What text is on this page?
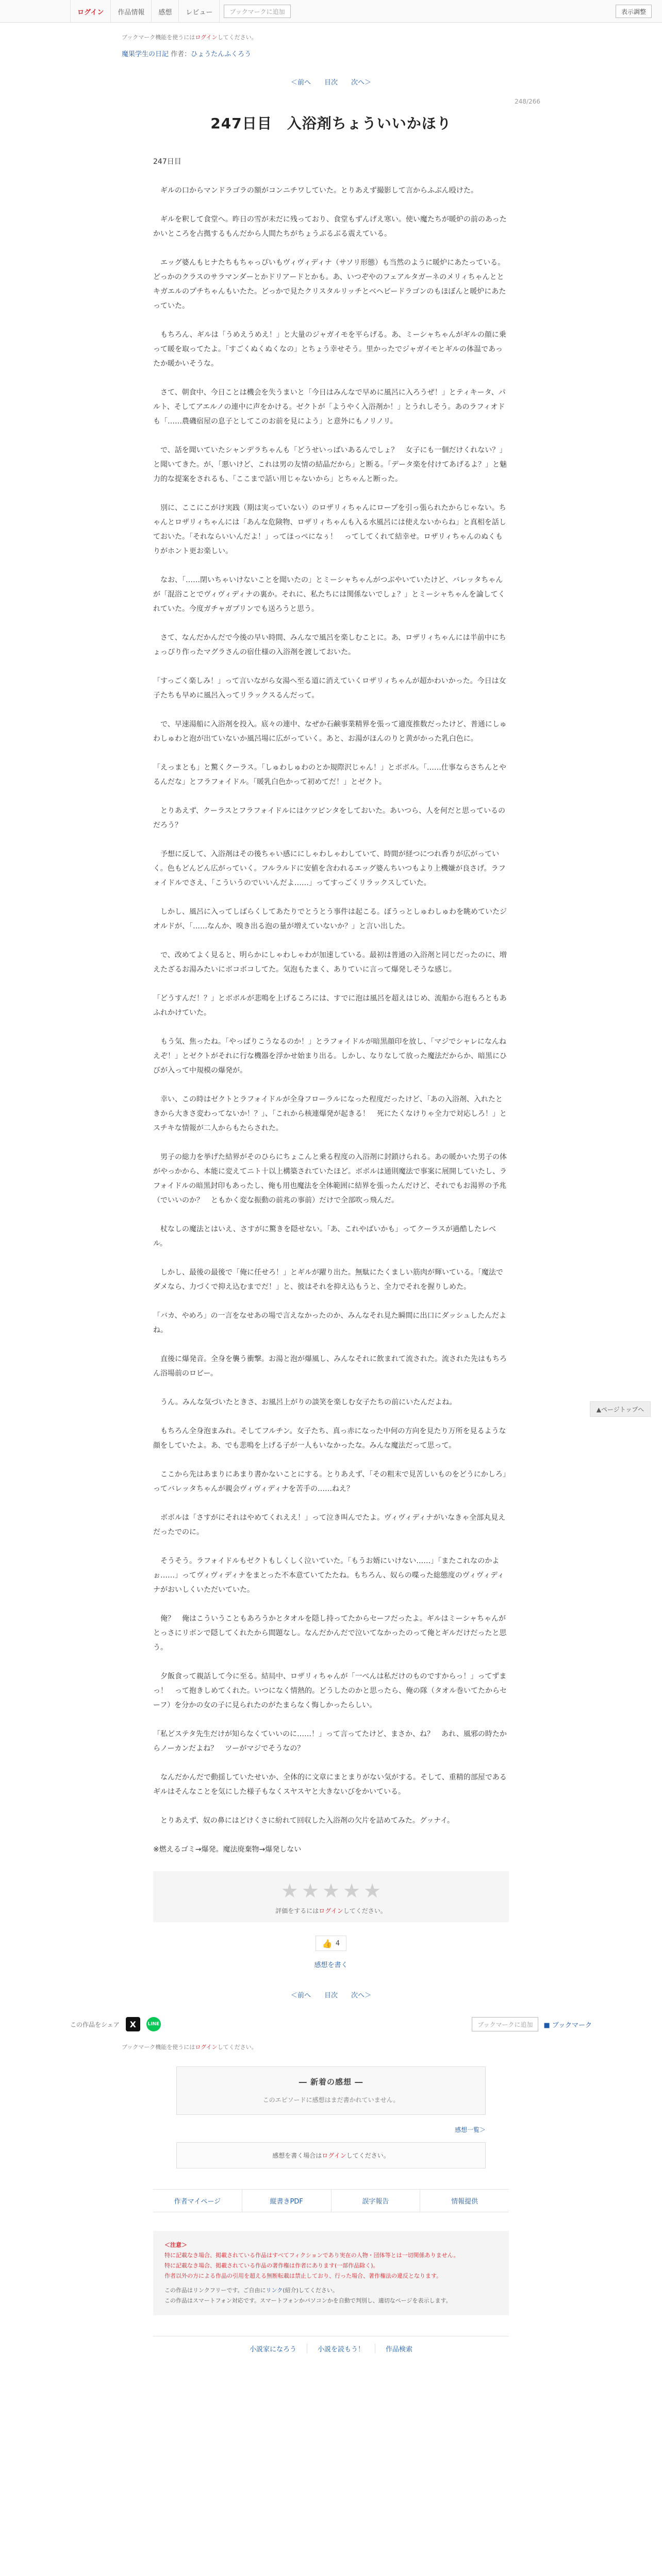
ログイン	作品情報	感想	レビュー	ブックマークに追加	表示調整

ブックマーク機能を使うにはログインしてください。

魔果学生の日記 作者：ひょうたんふくろう

＜前へ 目次 次へ＞

248/266

247日目　入浴剤ちょういいかほり

247日目

　ギルの口からマンドラゴラの額がコンニチワしていた。とりあえず撮影して言からふぶん殴けた。

　ギルを釈して食堂へ。昨日の雪が未だに残っており、食堂もずんげえ寒い。使い魔たちが暖炉の前のあったかいところを占拠するもんだから人間たちがちょうぶるぶる震えている。

　エッグ婆んもヒナたちもちゃっぴいもヴィヴィディナ（サソリ形態）も当然のように暖炉にあたっている。どっかのクラスのサラマンダーとかドリアードとかも。あ、いつぞやのフェアルタガーネのメリィちゃんととキガエルのプチちゃんもいたた。どっかで見たクリスタルリッチとベヘビードラゴンのもほぼんと暖炉にあたっていた。

　もちろん、ギルは「うめえうめえ！」と大量のジャガイモを平らげる。あ、ミーシャちゃんがギルの顔に乗って暖を取ってたよ。「すごくぬくぬくなの」とちょう幸せそう。里かったでジャガイモとギルの体温であったか暖かいそうな。

　さて、朝食中、今日ことは機会を失うまいと「今日はみんなで早めに風呂に入ろうぜ！」とティキータ、パルト、そしてアエルノの連中に声をかける。ゼクトが「ようやく入浴剤か！」とうれしそう。あのラフィオドも「……農磯宿屋の息子としてこのお前を見によう」と意外にもノリノリ。

　で、話を聞いていたシャンデラちゃんも「どうせいっぱいあるんでしょ？　女子にも一個だけくれない？」と聞いてきた。が、「悪いけど、これは男の友情の結晶だから」と断る。「データ楽を付けてあげるよ？」と魅力的な提案をされるも、「ここまで話い用じゃないから」とちゃんと断った。

　別に、ここにこがけ実践（期は実っていない）のロザリィちゃんにロープを引っ張られたからじゃない。ちゃんとロザリィちゃんには「あんな危険物、ロザリィちゃんも入る水風呂には使えないからね」と真相を話しておいた。「それならいいんだよ！」ってほっぺになぅ！　ってしてくれて結幸せ。ロザリィちゃんのぬくもりがホント更お楽しい。

　なお、「……閉いちゃいけないことを聞いたの」とミーシャちゃんがつぶやいていたけど、バレッタちゃんが「混浴ことでヴィヴィディナの裏か。それに、私たちには関係ないでしょ？」とミーシャちゃんを論してくれていた。今度ガチャガプリンでも送ろうと思う。

　さて、なんだかんだで今後の早い時間、みんなで風呂を楽しむことに。あ、ロザリィちゃんには半前中にちょっぴり作ったマグラさんの宿仕様の入浴剤を渡しておいた。

「すっごく楽しみ！」って言いながら女湯へ至る道に消えていくロザリィちゃんが超かわいかった。今日は女子たちも早めに風呂入ってリラックスるんだって。

　で、早速湯船に入浴剤を投入。底々の連中、なぜか石鹸事業精界を張って適度推数だったけど、普通にしゅわしゅわと泡が出ていないか風呂場に広がっていく。あと、お湯がほんのりと黄がかった乳白色に。

「えっまとも」と驚くクーラス。「しゅわしゅわのとか規際沢じゃん！」とボボル。「……仕事ならさちんとやるんだな」とフラフォイドル。「暖乳白色かって初めてだ！」とゼクト。

　とりあえず、クーラスとフラフォイドルにはケツピンタをしておいた。あいつら、人を何だと思っているのだろう？

　予想に反して、入浴剤はその後ちゃい感ににしゃわしゃわしていて、時間が経つにつれ香りが広がっていく。色もどんどん広がっていく。フルラルドに安値を含われるエッグ婆んちいつもより上機嫌が良さげ。ラフォイドルでさえ、「こういうのでいいんだよ……」ってすっごくリラックスしていた。

　しかし、風呂に入ってしばらくしてあたりでとうとう事件は起こる。ぼうっとしゅわしゅわを眺めていたジオルドが、「……なんか、嗅き出る泡の量が増えていないか？」と言い出した。

　で、改めてよく見ると、明らかにしゃわしゃわが加速している。最初は普通の入浴剤と同じだったのに、増えたざるお湯みたいにボコボコしてた。気泡もたまく、ありていに言って爆発しそうな感じ。

「どうすんだ！？」とボボルが悲鳴を上げるころには、すでに泡は風呂を超えはじめ、流船から泡もろともあふれかけていた。

　もう気、焦ったね。「やっぱりこうなるのか！」とラフォイドルが暗黒顔印を放し、「マジでシャレになんねえぞ！」とゼクトがそれに行な機器を浮かせ始まり出る。しかし、なりなして放った魔法だからか、暗黒にひびが入って中規模の爆発が。

　幸い、この時はゼクトとラフォイドルが全身フローラルになった程度だったけど、「あの入浴剤、入れたときから大きさ変わってないか！？」、「これから核連爆発が起きる！　死にたくなけりゃ全力で対応しろ！」とスチキな情報が二人からもたらされた。

　男子の総力を挙げた結界がそのひらにちょこんと乗る程度の入浴剤に封鎖けられる。あの暖かいた男子の体がやっかから、本能に変えてニト十以上構築されていたほど。ボボルは通則魔法で事案に展開していたし、ラフォイドルの暗黒封印もあったし、俺も用也魔法を全体範囲に結界を張ったんだけど、それでもお湯界の予兆（でいいのか？　ともかく変な振動の前兆の事前）だけで全部吹っ飛んだ。

　杖なしの魔法とはいえ、さすがに驚きを隠せない。「あ、これやばいかも」ってクーラスが過酷したレベル。

　しかし、最後の最後で「俺に任せろ！」とギルが躍り出た。無駄にたくましい筋肉が輝いている。「魔法でダメなら、力づくで抑え込むまでだ！」と、彼はそれを抑え込もうと、全力でそれを握りしめた。

「バカ、やめろ」の一言をなせあの場で言えなかったのか、みんなそれ見た瞬間に出口にダッシュしたんだよね。

　直後に爆発音。全身を襲う衝撃。お湯と泡が爆風し、みんなそれに飲まれて流された。流された先はもちろん浴場前のロビー。

　うん。みんな気づいたときさ、お風呂上がりの談笑を楽しむ女子たちの前にいたんだよね。

　もちろん全身泡まみれ。そしてフルチン。女子たち、真っ赤になった中何の方向を見たり万所を見るような顔をしていたよ。あ、でも悲鳴を上げる子が一人もいなかったな。みんな魔法だって思って。

　ここから先はあまりにあまり書かないことにする。とりあえず、「その粗末で見苦しいものをどうにかしろ」ってバレッタちゃんが親会ヴィヴィディナを苦手の……ねえ？

　ボボルは「さすがにそれはやめてくれええ！」って泣き叫んでたよ。ヴィヴィディナがいなきゃ全部丸見えだったでのに。

　そうそう。ラフォイドルもゼクトもしくしく泣いていた。「もうお婿にいけない……」「またこれなのかよぉ……」ってヴィヴィディナをまとった不本意ていてたたね。もちろん、奴らの喋った総態度のヴィヴィディナがおいしくいただいていた。

　俺？　俺はこういうこともあろうかとタオルを隠し持ってたからセーフだったよ。ギルはミーシャちゃんがとっさにリボンで隠してくれたから間題なし。なんだかんだで泣いてなかったのって俺とギルだけだったと思う。

　夕飯食って親話して今に至る。結局中、ロザリィちゃんが「一べんは私だけのものですからっ！」ってずまっ！　って抱きしめてくれた。いつになく情熱的。どうしたのかと思ったら、俺の隊（タオル巻いてたからセーフ）を分かの女の子に見られたのがたまらなく悔しかったらしい。

「私どステタ先生だけが知らなくていいのに……！」って言ってたけど、まさか、ね？　あれ、風邪の時たからノーカンだよね？　ツーがマジでそうなの？

　なんだかんだで動揺していたせいか、全体的に文章にまとまりがない気がする。そして、重精的部屋であるギルはそんなことを気にした様子もなくスヤスヤと大きないびをかいている。

　とりあえず、奴の鼻にはどけくさに紛れて回収した入浴剤の欠片を詰めてみた。グッナイ。

※燃えるゴミ→爆発。魔法廃棄物→爆発しない

★ ★ ★ ★ ★

評価をするにはログインしてください。

👍 4

感想を書く

＜前へ 目次 次へ＞
この作品をシェア	X	LINE	ブックマークに追加	■ ブックマーク

ブックマーク機能を使うにはログインしてください。

― 新着の感想 ―

このエピソードに感想はまだ書かれていません。

感想一覧＞

感想を書く場合はログインしてください。
作者マイページ	縦書きPDF	誤字報告	情報提供

＜注意＞

特に記載なき場合、掲載されている作品はすべてフィクションであり実在の人物・団体等とは一切関係ありません。

特に記載なき場合、掲載されている作品の著作権は作者にあります(一部作品除く)。

作者以外の方による作品の引用を超える無断転載は禁止しており、行った場合、著作権法の違反となります。

この作品はリンクフリーです。ご自由にリンク(紹介)してください。

この作品はスマートフォン対応です。スマートフォンかパソコンかを自動で判別し、適切なページを表示します。

小説家になろう	小説を読もう！	作品検索
▲ページトップへ
